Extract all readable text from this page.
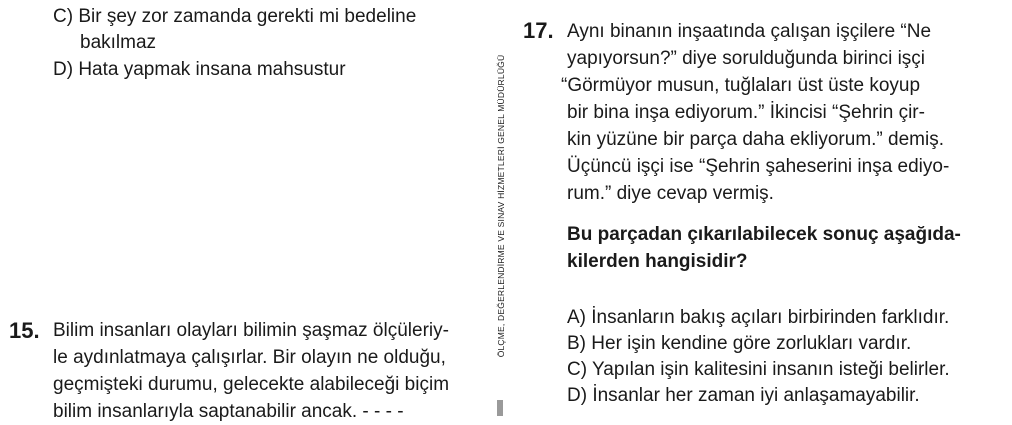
C) Bir şey zor zamanda gerekti mi bedeline
bakılmaz
D) Hata yapmak insana mahsustur
15. Bilim insanları olayları bilimin şaşmaz ölçüleriy-
le aydınlatmaya çalışırlar. Bir olayın ne olduğu,
geçmişteki durumu, gelecekte alabileceği biçim
bilim insanlarıyla saptanabilir ancak. - - - -
ÖLÇME, DEĞERLENDİRME VE SINAV HİZMETLERİ GENEL MÜDÜRLÜĞÜ
17. Aynı binanın inşaatında çalışan işçilere “Ne
yapıyorsun?” diye sorulduğunda birinci işçi
“Görmüyor musun, tuğlaları üst üste koyup
bir bina inşa ediyorum.” İkincisi “Şehrin çir-
kin yüzüne bir parça daha ekliyorum.” demiş.
Üçüncü işçi ise “Şehrin şaheserini inşa ediyo-
rum.” diye cevap vermiş.
Bu parçadan çıkarılabilecek sonuç aşağıda-
kilerden hangisidir?
A) İnsanların bakış açıları birbirinden farklıdır.
B) Her işin kendine göre zorlukları vardır.
C) Yapılan işin kalitesini insanın isteği belirler.
D) İnsanlar her zaman iyi anlaşamayabilir.
